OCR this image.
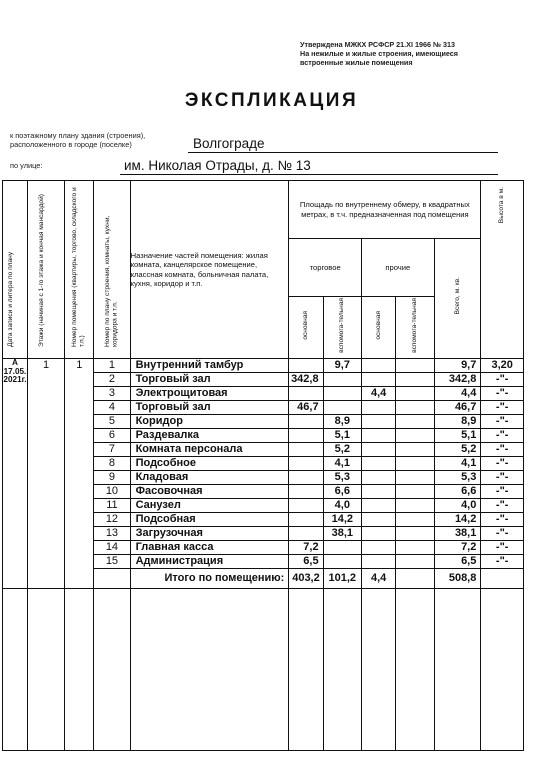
Утверждена МЖКХ РСФСР 21.XI 1966 № 313
На нежилые и жилые строения, имеющиеся
встроенные жилые помещения
ЭКСПЛИКАЦИЯ
к поэтажному плану здания (строения),
расположенного в городе (поселке)	Волгограде
по улице:	им. Николая Отрады, д. № 13
Дата записи и литера по плану	Этажи (начиная с 1-го этажа и кончая мансардой)	Номер помещения (квартиры, торгово, складского и т.п.)	Номер по плану строения, комнаты, кухни, коридора и т.п.	Назначение частей помещения: жилая комната, канцелярское помещение, классная комната, больничная палата, кухня, коридор и т.п.	Площадь по внутреннему обмеру, в квадратных метрах, в т.ч. предназначенная под помещения					Высота в м.
					торговое		прочие		Всего, м. кв.	
					основная	вспомога-тельная	основная	вспомога-тельная		

А
17.05.
2021г.	1	1	1	Внутренний тамбур		9,7			9,7	3,20
			2	Торговый зал	342,8				342,8	-"-
			3	Электрощитовая			4,4		4,4	-"-
			4	Торговый зал	46,7				46,7	-"-
			5	Коридор		8,9			8,9	-"-
			6	Раздевалка		5,1			5,1	-"-
			7	Комната персонала		5,2			5,2	-"-
			8	Подсобное		4,1			4,1	-"-
			9	Кладовая		5,3			5,3	-"-
			10	Фасовочная		6,6			6,6	-"-
			11	Санузел		4,0			4,0	-"-
			12	Подсобная		14,2			14,2	-"-
			13	Загрузочная		38,1			38,1	-"-
			14	Главная касса	7,2				7,2	-"-
			15	Администрация	6,5				6,5	-"-
				Итого по помещению:	403,2	101,2	4,4		508,8	
